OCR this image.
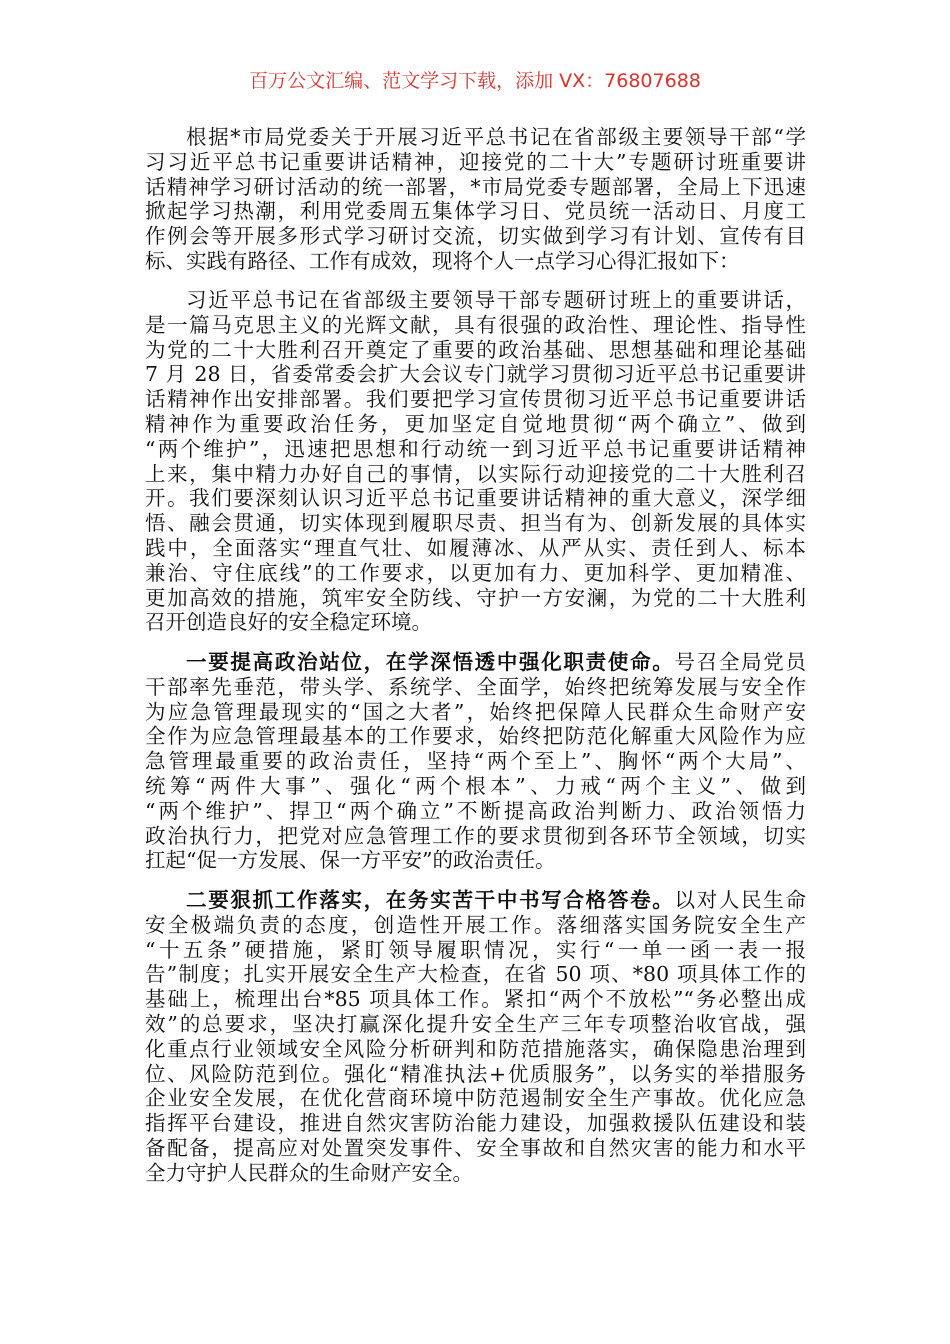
百万公文汇编、范文学习下载，添加 VX：76807688
根据*市局党委关于开展习近平总书记在省部级主要领导干部“学
习习近平总书记重要讲话精神，迎接党的二十大”专题研讨班重要讲
话精神学习研讨活动的统一部署，*市局党委专题部署，全局上下迅速
掀起学习热潮，利用党委周五集体学习日、党员统一活动日、月度工
作例会等开展多形式学习研讨交流，切实做到学习有计划、宣传有目
标、实践有路径、工作有成效，现将个人一点学习心得汇报如下：
习近平总书记在省部级主要领导干部专题研讨班上的重要讲话，
是一篇马克思主义的光辉文献，具有很强的政治性、理论性、指导性
为党的二十大胜利召开奠定了重要的政治基础、思想基础和理论基础
7 月 28 日，省委常委会扩大会议专门就学习贯彻习近平总书记重要讲
话精神作出安排部署。我们要把学习宣传贯彻习近平总书记重要讲话
精神作为重要政治任务，更加坚定自觉地贯彻“两个确立”、做到
“两个维护”，迅速把思想和行动统一到习近平总书记重要讲话精神
上来，集中精力办好自己的事情，以实际行动迎接党的二十大胜利召
开。我们要深刻认识习近平总书记重要讲话精神的重大意义，深学细
悟、融会贯通，切实体现到履职尽责、担当有为、创新发展的具体实
践中，全面落实“理直气壮、如履薄冰、从严从实、责任到人、标本
兼治、守住底线”的工作要求，以更加有力、更加科学、更加精准、
更加高效的措施，筑牢安全防线、守护一方安澜，为党的二十大胜利
召开创造良好的安全稳定环境。
一要提高政治站位，在学深悟透中强化职责使命。号召全局党员
干部率先垂范，带头学、系统学、全面学，始终把统筹发展与安全作
为应急管理最现实的“国之大者”，始终把保障人民群众生命财产安
全作为应急管理最基本的工作要求，始终把防范化解重大风险作为应
急管理最重要的政治责任，坚持“两个至上”、胸怀“两个大局”、
统筹“两件大事”、强化“两个根本”、力戒“两个主义”、做到
“两个维护”、捍卫“两个确立”不断提高政治判断力、政治领悟力
政治执行力，把党对应急管理工作的要求贯彻到各环节全领域，切实
扛起“促一方发展、保一方平安”的政治责任。
二要狠抓工作落实，在务实苦干中书写合格答卷。以对人民生命
安全极端负责的态度，创造性开展工作。落细落实国务院安全生产
“十五条”硬措施，紧盯领导履职情况，实行“一单一函一表一报
告”制度；扎实开展安全生产大检查，在省 50 项、*80 项具体工作的
基础上，梳理出台*85 项具体工作。紧扣“两个不放松”“务必整出成
效”的总要求，坚决打赢深化提升安全生产三年专项整治收官战，强
化重点行业领域安全风险分析研判和防范措施落实，确保隐患治理到
位、风险防范到位。强化“精准执法+优质服务”，以务实的举措服务
企业安全发展，在优化营商环境中防范遏制安全生产事故。优化应急
指挥平台建设，推进自然灾害防治能力建设，加强救援队伍建设和装
备配备，提高应对处置突发事件、安全事故和自然灾害的能力和水平
全力守护人民群众的生命财产安全。
